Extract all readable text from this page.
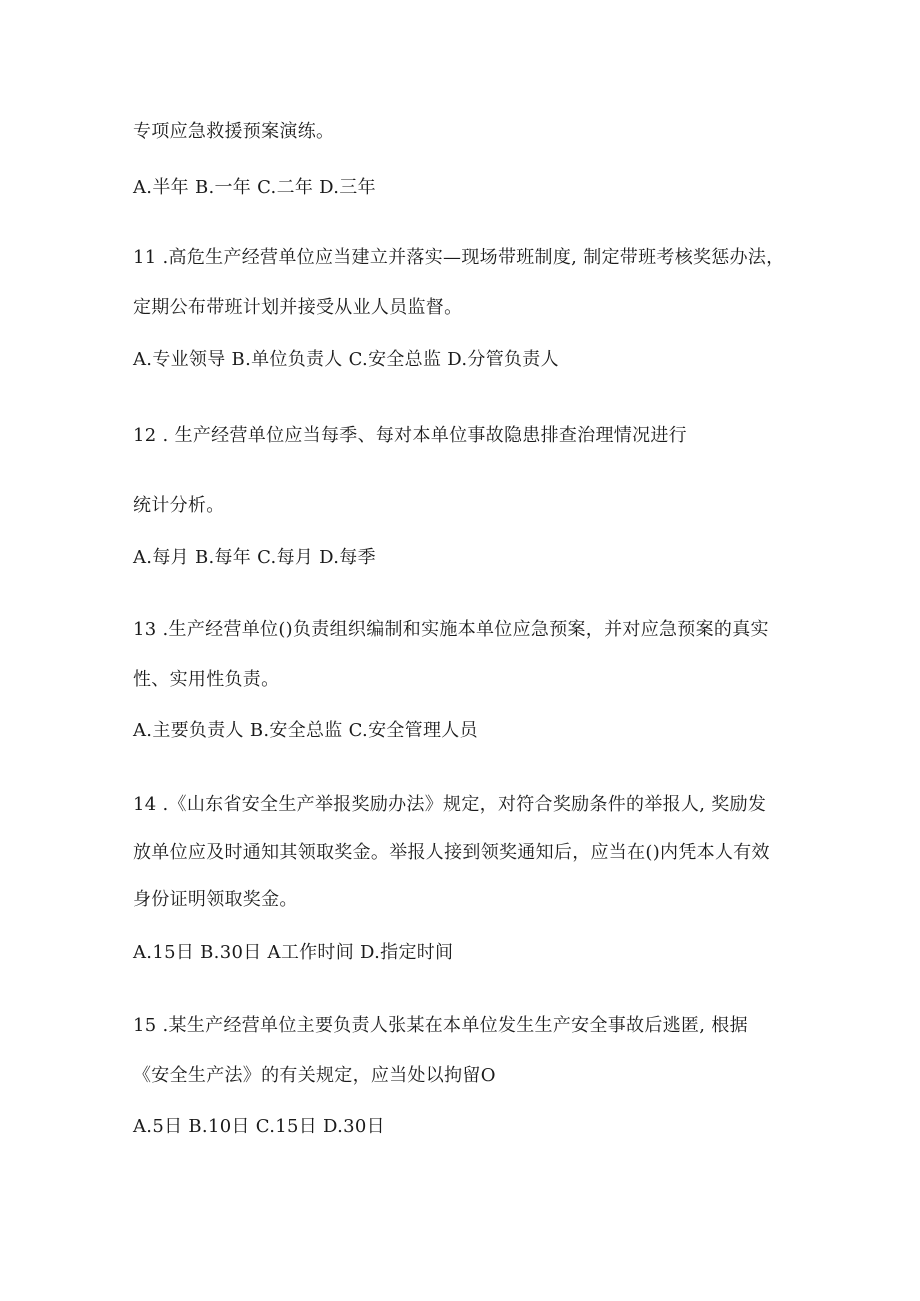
专项应急救援预案演练。
A.半年 B.一年 C.二年 D.三年
11 .高危生产经营单位应当建立并落实—现场带班制度, 制定带班考核奖惩办法，
定期公布带班计划并接受从业人员监督。
A.专业领导 B.单位负责人 C.安全总监 D.分管负责人
12 . 生产经营单位应当每季、每对本单位事故隐患排查治理情况进行
统计分析。
A.每月 B.每年 C.每月 D.每季
13 .生产经营单位()负责组织编制和实施本单位应急预案，并对应急预案的真实
性、实用性负责。
A.主要负责人 B.安全总监 C.安全管理人员
14 .《山东省安全生产举报奖励办法》规定，对符合奖励条件的举报人, 奖励发
放单位应及时通知其领取奖金。举报人接到领奖通知后，应当在()内凭本人有效
身份证明领取奖金。
A.15日 B.30日 A工作时间 D.指定时间
15 .某生产经营单位主要负责人张某在本单位发生生产安全事故后逃匿, 根据
《安全生产法》的有关规定，应当处以拘留O
A.5日 B.10日 C.15日 D.30日
